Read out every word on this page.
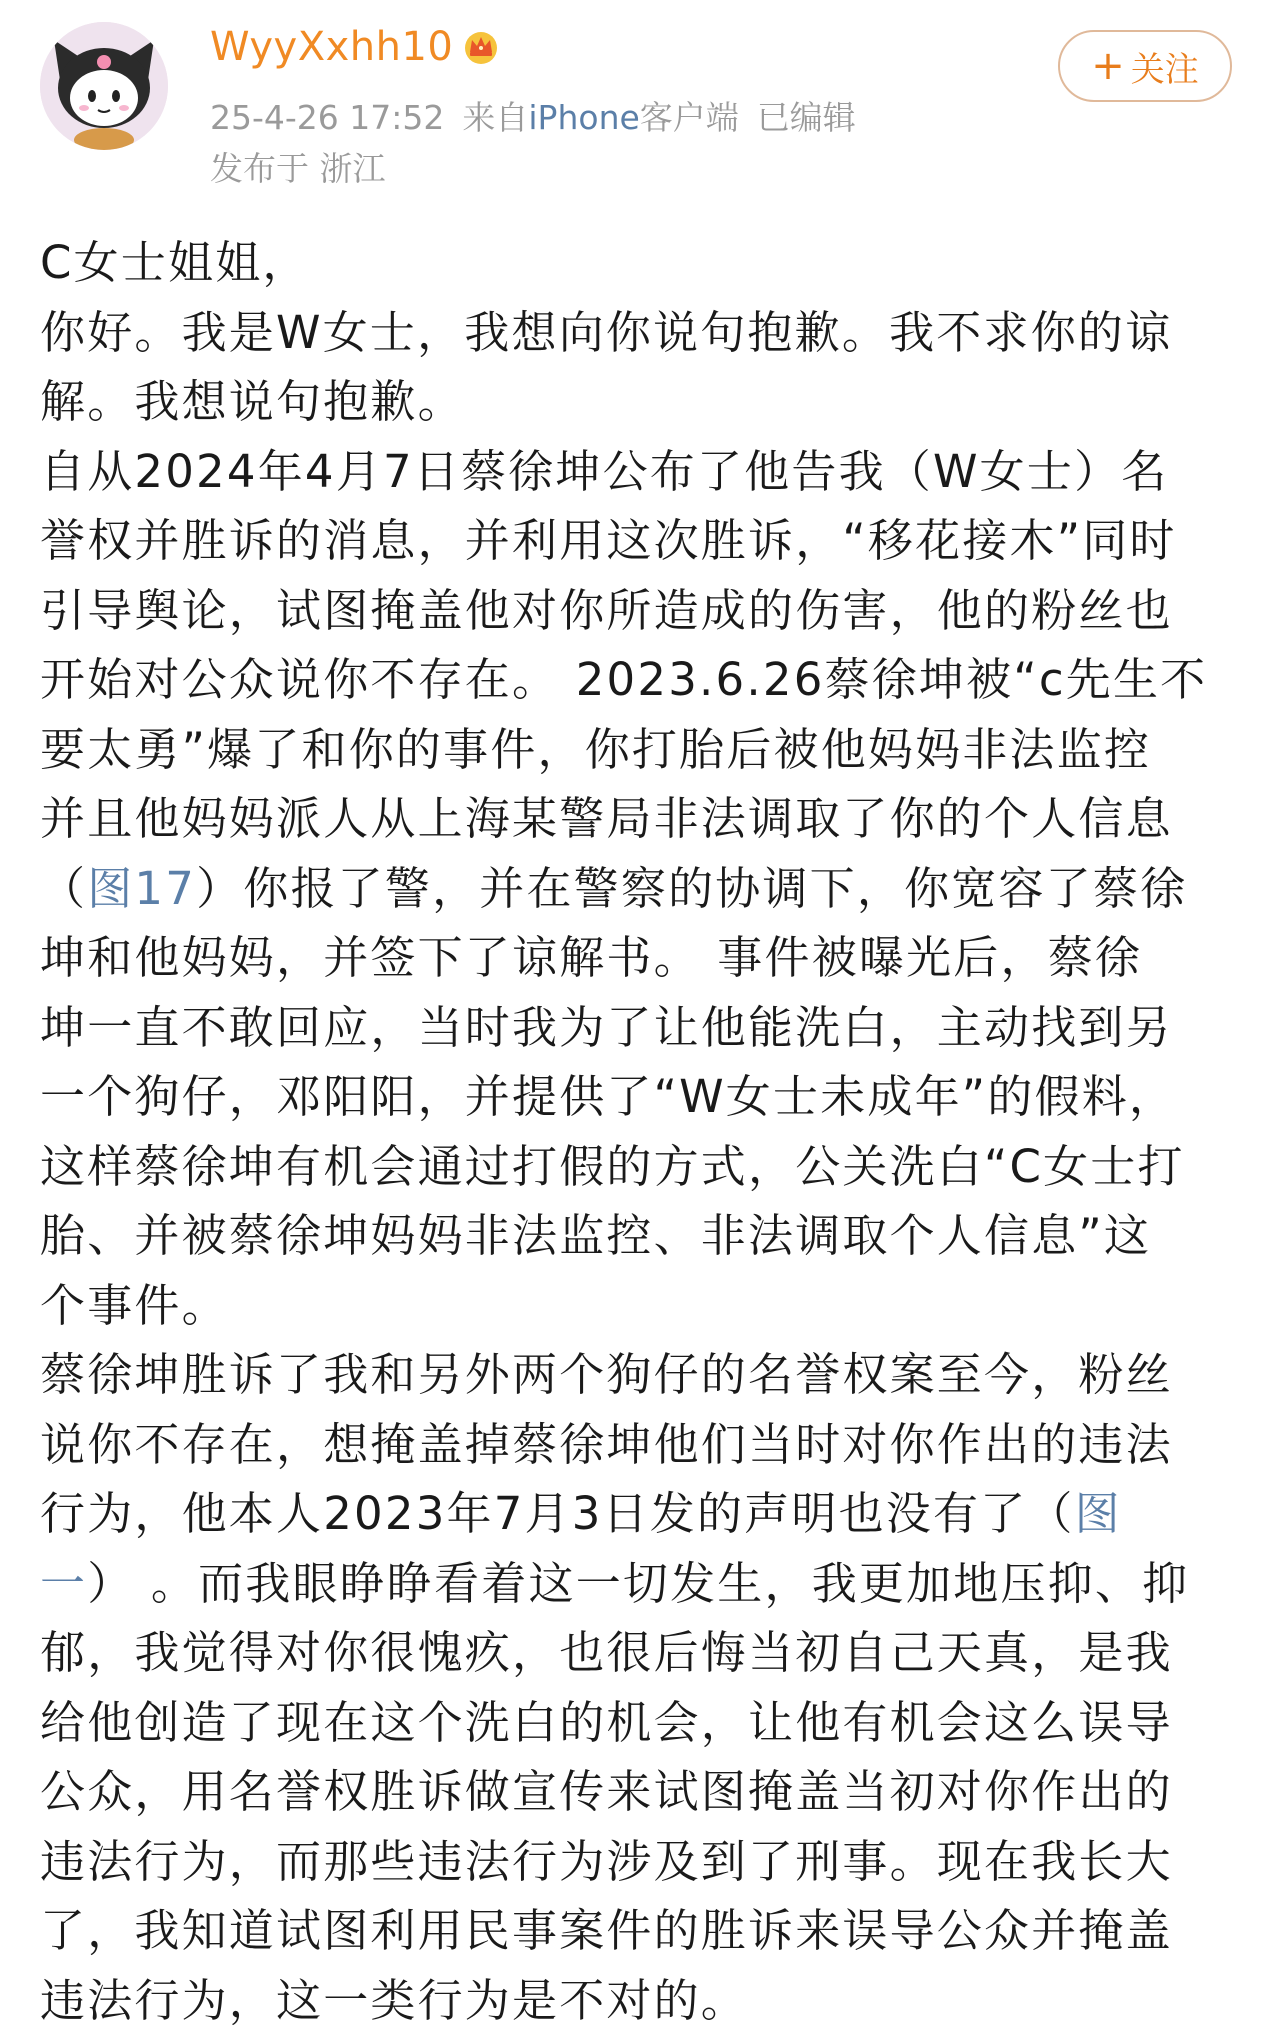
WyyXxhh10
25-4-26 17:52 来自iPhone客户端 已编辑
发布于 浙江
+ 关注
C女士姐姐，
你好。我是W女士，我想向你说句抱歉。我不求你的谅
解。我想说句抱歉。
自从2024年4月7日蔡徐坤公布了他告我（W女士）名
誉权并胜诉的消息，并利用这次胜诉，“移花接木”同时
引导舆论，试图掩盖他对你所造成的伤害，他的粉丝也
开始对公众说你不存在。 2023.6.26蔡徐坤被“c先生不
要太勇”爆了和你的事件，你打胎后被他妈妈非法监控
并且他妈妈派人从上海某警局非法调取了你的个人信息
（图17）你报了警，并在警察的协调下，你宽容了蔡徐
坤和他妈妈，并签下了谅解书。 事件被曝光后，蔡徐
坤一直不敢回应，当时我为了让他能洗白，主动找到另
一个狗仔，邓阳阳，并提供了“W女士未成年”的假料，
这样蔡徐坤有机会通过打假的方式，公关洗白“C女士打
胎、并被蔡徐坤妈妈非法监控、非法调取个人信息”这
个事件。
蔡徐坤胜诉了我和另外两个狗仔的名誉权案至今，粉丝
说你不存在，想掩盖掉蔡徐坤他们当时对你作出的违法
行为，他本人2023年7月3日发的声明也没有了（图
一） 。而我眼睁睁看着这一切发生，我更加地压抑、抑
郁，我觉得对你很愧疚，也很后悔当初自己天真，是我
给他创造了现在这个洗白的机会，让他有机会这么误导
公众，用名誉权胜诉做宣传来试图掩盖当初对你作出的
违法行为，而那些违法行为涉及到了刑事。现在我长大
了，我知道试图利用民事案件的胜诉来误导公众并掩盖
违法行为，这一类行为是不对的。
